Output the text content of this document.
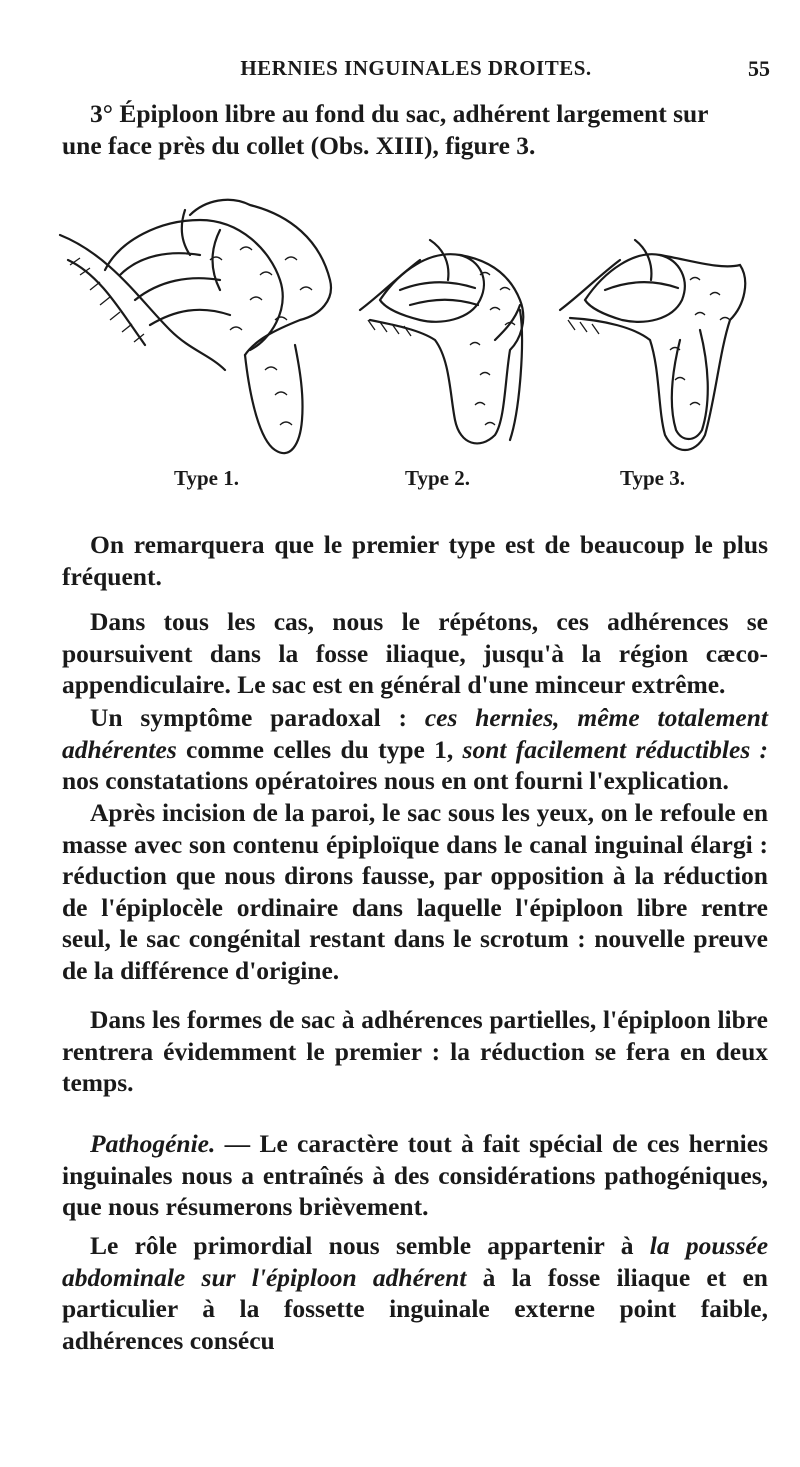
HERNIES INGUINALES DROITES.	55
3° Épiploon libre au fond du sac, adhérent largement sur
une face près du collet (Obs. XIII), figure 3.
Type 1.	Type 2.	Type 3.
On remarquera que le premier type est de beaucoup le plus fréquent.
Dans tous les cas, nous le répétons, ces adhérences se poursuivent dans la fosse iliaque, jusqu'à la région cæco-appendiculaire. Le sac est en général d'une minceur extrême.
Un symptôme paradoxal : ces hernies, même totalement adhérentes comme celles du type 1, sont facilement réductibles : nos constatations opératoires nous en ont fourni l'explication.
Après incision de la paroi, le sac sous les yeux, on le refoule en masse avec son contenu épiploïque dans le canal inguinal élargi : réduction que nous dirons fausse, par opposition à la réduction de l'épiplocèle ordinaire dans laquelle l'épiploon libre rentre seul, le sac congénital restant dans le scrotum : nouvelle preuve de la différence d'origine.
Dans les formes de sac à adhérences partielles, l'épiploon libre rentrera évidemment le premier : la réduction se fera en deux temps.
Pathogénie. — Le caractère tout à fait spécial de ces hernies inguinales nous a entraînés à des considérations pathogéniques, que nous résumerons brièvement.
Le rôle primordial nous semble appartenir à la poussée abdominale sur l'épiploon adhérent à la fosse iliaque et en particulier à la fossette inguinale externe point faible, adhérences consécu
